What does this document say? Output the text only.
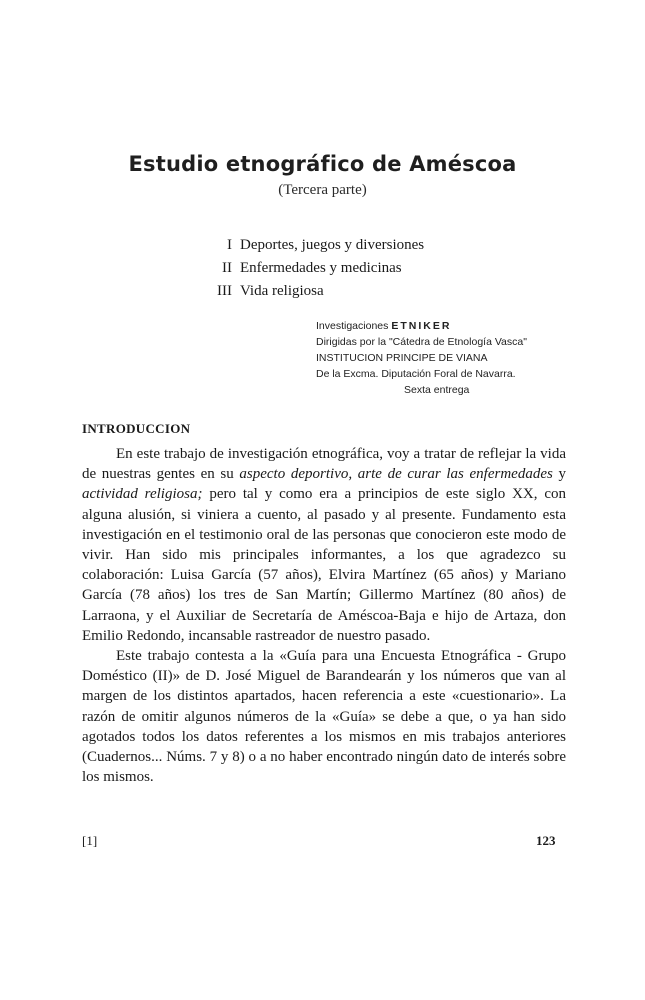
Estudio etnográfico de Améscoa
(Tercera parte)
I Deportes, juegos y diversiones
II Enfermedades y medicinas
III Vida religiosa
Investigaciones ETNIKER
Dirigidas por la "Cátedra de Etnología Vasca"
INSTITUCION PRINCIPE DE VIANA
De la Excma. Diputación Foral de Navarra.
Sexta entrega
INTRODUCCION

En este trabajo de investigación etnográfica, voy a tratar de reflejar la vida de nuestras gentes en su aspecto deportivo, arte de curar las enfermedades y actividad religiosa; pero tal y como era a principios de este siglo XX, con alguna alusión, si viniera a cuento, al pasado y al presente. Fundamento esta investigación en el testimonio oral de las personas que conocieron este modo de vivir. Han sido mis principales informantes, a los que agradezco su colaboración: Luisa García (57 años), Elvira Martínez (65 años) y Mariano García (78 años) los tres de San Martín; Gillermo Martínez (80 años) de Larraona, y el Auxiliar de Secretaría de Améscoa-Baja e hijo de Artaza, don Emilio Redondo, incansable rastreador de nuestro pasado.

Este trabajo contesta a la «Guía para una Encuesta Etnográfica - Grupo Doméstico (II)» de D. José Miguel de Barandearán y los números que van al margen de los distintos apartados, hacen referencia a este «cuestionario». La razón de omitir algunos números de la «Guía» se debe a que, o ya han sido agotados todos los datos referentes a los mismos en mis trabajos anteriores (Cuadernos... Núms. 7 y 8) o a no haber encontrado ningún dato de interés sobre los mismos.

[1]	123
